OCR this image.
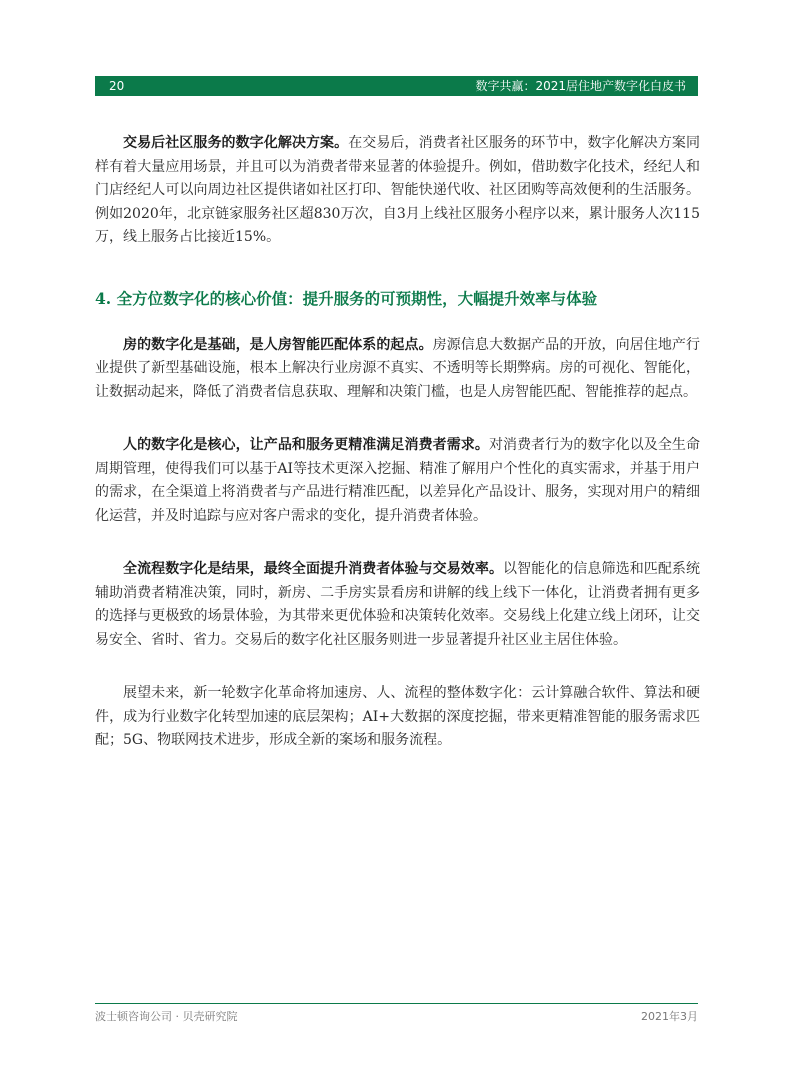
20	数字共赢：2021居住地产数字化白皮书

交易后社区服务的数字化解决方案。在交易后，消费者社区服务的环节中，数字化解决方案同样有着大量应用场景，并且可以为消费者带来显著的体验提升。例如，借助数字化技术，经纪人和门店经纪人可以向周边社区提供诸如社区打印、智能快递代收、社区团购等高效便利的生活服务。例如2020年，北京链家服务社区超830万次，自3月上线社区服务小程序以来，累计服务人次115万，线上服务占比接近15%。

4. 全方位数字化的核心价值：提升服务的可预期性，大幅提升效率与体验

房的数字化是基础，是人房智能匹配体系的起点。房源信息大数据产品的开放，向居住地产行业提供了新型基础设施，根本上解决行业房源不真实、不透明等长期弊病。房的可视化、智能化，让数据动起来，降低了消费者信息获取、理解和决策门槛，也是人房智能匹配、智能推荐的起点。

人的数字化是核心，让产品和服务更精准满足消费者需求。对消费者行为的数字化以及全生命周期管理，使得我们可以基于AI等技术更深入挖掘、精准了解用户个性化的真实需求，并基于用户的需求，在全渠道上将消费者与产品进行精准匹配，以差异化产品设计、服务，实现对用户的精细化运营，并及时追踪与应对客户需求的变化，提升消费者体验。

全流程数字化是结果，最终全面提升消费者体验与交易效率。以智能化的信息筛选和匹配系统辅助消费者精准决策，同时，新房、二手房实景看房和讲解的线上线下一体化，让消费者拥有更多的选择与更极致的场景体验，为其带来更优体验和决策转化效率。交易线上化建立线上闭环，让交易安全、省时、省力。交易后的数字化社区服务则进一步显著提升社区业主居住体验。

展望未来，新一轮数字化革命将加速房、人、流程的整体数字化：云计算融合软件、算法和硬件，成为行业数字化转型加速的底层架构；AI+大数据的深度挖掘，带来更精准智能的服务需求匹配；5G、物联网技术进步，形成全新的案场和服务流程。

波士顿咨询公司 · 贝壳研究院	2021年3月
